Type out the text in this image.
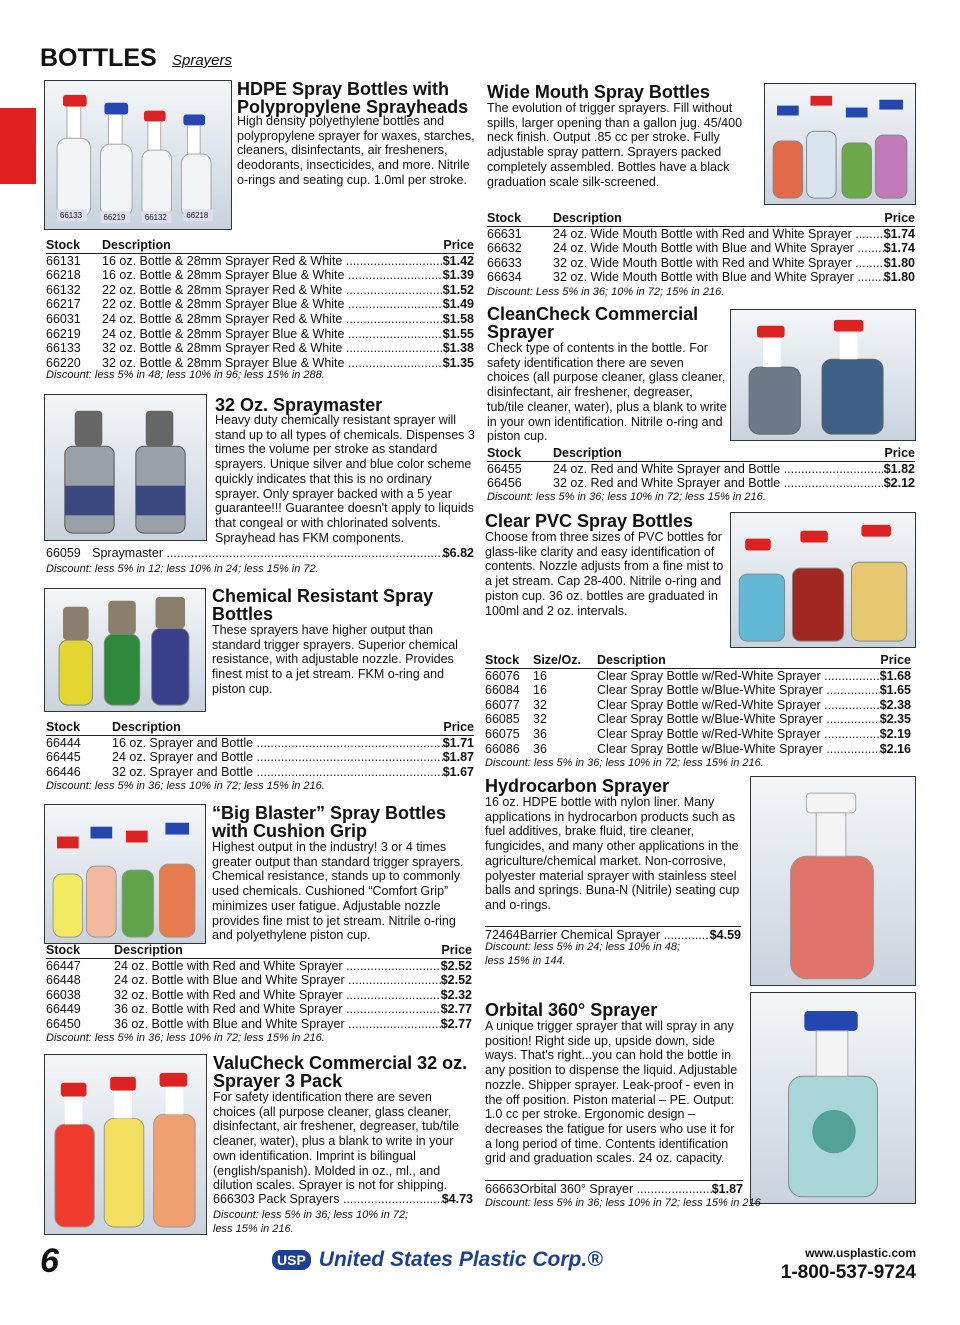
BOTTLES Sprayers
66133	66219 66132 66218
HDPE Spray Bottles with Polypropylene Sprayheads
High density polyethylene bottles and polypropylene sprayer for waxes, starches, cleaners, disinfectants, air fresheners, deodorants, insecticides, and more. Nitrile o-rings and seating cup. 1.0ml per stroke.
Stock	Description	Price
66131	16 oz. Bottle & 28mm Sprayer Red & White .....	$1.42
66218	16 oz. Bottle & 28mm Sprayer Blue & White .....	$1.39
66132	22 oz. Bottle & 28mm Sprayer Red & White .....	$1.52
66217	22 oz. Bottle & 28mm Sprayer Blue & White .....	$1.49
66031	24 oz. Bottle & 28mm Sprayer Red & White .....	$1.58
66219	24 oz. Bottle & 28mm Sprayer Blue & White .....	$1.55
66133	32 oz. Bottle & 28mm Sprayer Red & White .....	$1.38
66220	32 oz. Bottle & 28mm Sprayer Blue & White .....	$1.35
Discount: less 5% in 48; less 10% in 96; less 15% in 288.
32 Oz. Spraymaster
Heavy duty chemically resistant sprayer will stand up to all types of chemicals. Dispenses 3 times the volume per stroke as standard sprayers. Unique silver and blue color scheme quickly indicates that this is no ordinary sprayer. Only sprayer backed with a 5 year guarantee!!! Guarantee doesn't apply to liquids that congeal or with chlorinated solvents. Sprayhead has FKM components.
66059 Spraymaster .....	$6.82
Discount: less 5% in 12; less 10% in 24; less 15% in 72.
Chemical Resistant Spray Bottles
These sprayers have higher output than standard trigger sprayers. Superior chemical resistance, with adjustable nozzle. Provides finest mist to a jet stream. FKM o-ring and piston cup.
Stock	Description	Price
66444	16 oz. Sprayer and Bottle .....	$1.71
66445	24 oz. Sprayer and Bottle .....	$1.87
66446	32 oz. Sprayer and Bottle .....	$1.67
Discount: less 5% in 36; less 10% in 72; less 15% in 216.
“Big Blaster” Spray Bottles with Cushion Grip
Highest output in the industry! 3 or 4 times greater output than standard trigger sprayers. Chemical resistance, stands up to commonly used chemicals. Cushioned “Comfort Grip” minimizes user fatigue. Adjustable nozzle provides fine mist to jet stream. Nitrile o-ring and polyethylene piston cup.
Stock	Description	Price
66447	24 oz. Bottle with Red and White Sprayer .....	$2.52
66448	24 oz. Bottle with Blue and White Sprayer .....	$2.52
66038	32 oz. Bottle with Red and White Sprayer .....	$2.32
66449	36 oz. Bottle with Red and White Sprayer .....	$2.77
66450	36 oz. Bottle with Blue and White Sprayer .....	$2.77
Discount: less 5% in 36; less 10% in 72; less 15% in 216.
ValuCheck Commercial 32 oz. Sprayer 3 Pack
For safety identification there are seven choices (all purpose cleaner, glass cleaner, disinfectant, air freshener, degreaser, tub/tile cleaner, water), plus a blank to write in your own identification. Imprint is bilingual (english/spanish). Molded in oz., ml., and dilution scales. Sprayer is not for shipping.
66630 3 Pack Sprayers .....	$4.73
Discount: less 5% in 36; less 10% in 72;
less 15% in 216.
Wide Mouth Spray Bottles
The evolution of trigger sprayers. Fill without spills, larger opening than a gallon jug. 45/400 neck finish. Output .85 cc per stroke. Fully adjustable spray pattern. Sprayers packed completely assembled. Bottles have a black graduation scale silk-screened.
Stock	Description	Price
66631	24 oz. Wide Mouth Bottle with Red and White Sprayer .....	$1.74
66632	24 oz. Wide Mouth Bottle with Blue and White Sprayer .....	$1.74
66633	32 oz. Wide Mouth Bottle with Red and White Sprayer .....	$1.80
66634	32 oz. Wide Mouth Bottle with Blue and White Sprayer .....	$1.80
Discount: Less 5% in 36; 10% in 72; 15% in 216.
CleanCheck Commercial Sprayer
Check type of contents in the bottle. For safety identification there are seven choices (all purpose cleaner, glass cleaner, disinfectant, air freshener, degreaser, tub/tile cleaner, water), plus a blank to write in your own identification. Nitrile o-ring and piston cup.
Stock	Description	Price
66455	24 oz. Red and White Sprayer and Bottle .....	$1.82
66456	32 oz. Red and White Sprayer and Bottle .....	$2.12
Discount: less 5% in 36; less 10% in 72; less 15% in 216.
Clear PVC Spray Bottles
Choose from three sizes of PVC bottles for glass-like clarity and easy identification of contents. Nozzle adjusts from a fine mist to a jet stream. Cap 28-400. Nitrile o-ring and piston cup. 36 oz. bottles are graduated in 100ml and 2 oz. intervals.
Stock	Size/Oz.	Description	Price
66076	16	Clear Spray Bottle w/Red-White Sprayer .....	$1.68
66084	16	Clear Spray Bottle w/Blue-White Sprayer .....	$1.65
66077	32	Clear Spray Bottle w/Red-White Sprayer .....	$2.38
66085	32	Clear Spray Bottle w/Blue-White Sprayer .....	$2.35
66075	36	Clear Spray Bottle w/Red-White Sprayer .....	$2.19
66086	36	Clear Spray Bottle w/Blue-White Sprayer .....	$2.16
Discount: less 5% in 36; less 10% in 72; less 15% in 216.
Hydrocarbon Sprayer
16 oz. HDPE bottle with nylon liner. Many applications in hydrocarbon products such as fuel additives, brake fluid, tire cleaner, fungicides, and many other applications in the agriculture/chemical market. Non-corrosive, polyester material sprayer with stainless steel balls and springs. Buna-N (Nitrile) seating cup and o-rings.
72464 Barrier Chemical Sprayer .....	$4.59
Discount: less 5% in 24; less 10% in 48;
less 15% in 144.
Orbital 360° Sprayer
A unique trigger sprayer that will spray in any position! Right side up, upside down, side ways. That's right...you can hold the bottle in any position to dispense the liquid. Adjustable nozzle. Shipper sprayer. Leak-proof - even in the off position. Piston material – PE. Output: 1.0 cc per stroke. Ergonomic design – decreases the fatigue for users who use it for a long period of time. Contents identification grid and graduation scales. 24 oz. capacity.
66663 Orbital 360° Sprayer .....	$1.87
Discount: less 5% in 36; less 10% in 72; less 15% in 216
6	USP United States Plastic Corp.®	www.usplastic.com
1-800-537-9724
